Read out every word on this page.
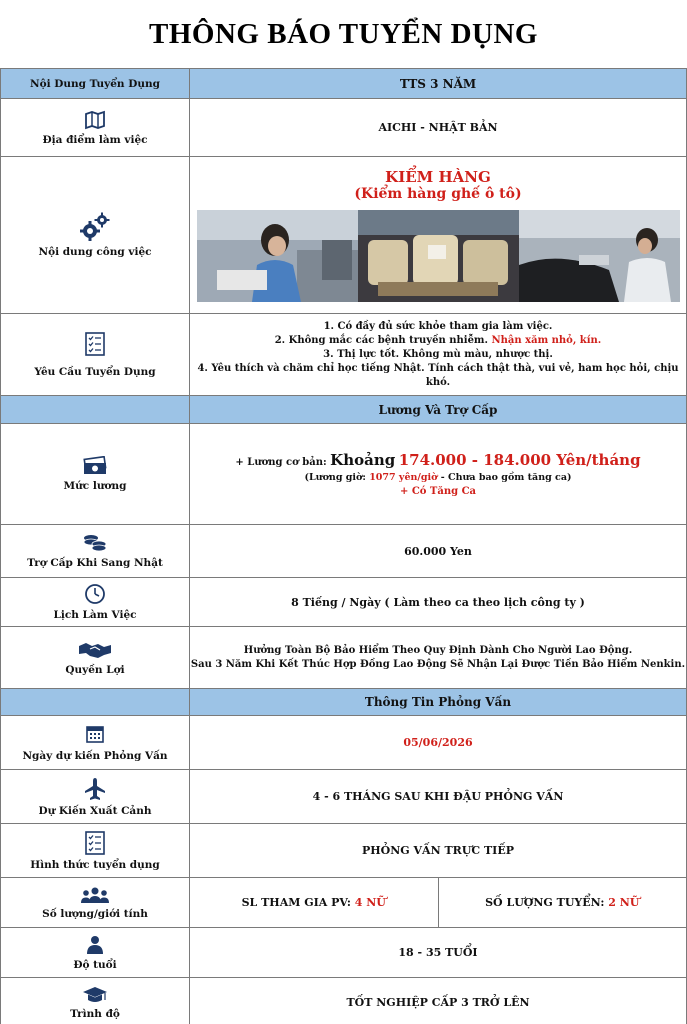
THÔNG BÁO TUYỂN DỤNG
Nội Dung Tuyển Dụng	TTS 3 NĂM	

Địa điểm làm việc	AICHI - NHẬT BẢN	

Nội dung công việc	KIỂM HÀNG
(Kiểm hàng ghế ô tô)	

Yêu Cầu Tuyển Dụng	1. Có đầy đủ sức khỏe tham gia làm việc.
2. Không mắc các bệnh truyền nhiễm. Nhận xăm nhỏ, kín.
3. Thị lực tốt. Không mù màu, nhược thị.
4. Yêu thích và chăm chỉ học tiếng Nhật. Tính cách thật thà, vui vẻ, ham học hỏi, chịu khó.	

	Lương Và Trợ Cấp	

Mức lương	+ Lương cơ bản: Khoảng 174.000 - 184.000 Yên/tháng
(Lương giờ: 1077 yên/giờ - Chưa bao gồm tăng ca)
+ Có Tăng Ca	

Trợ Cấp Khi Sang Nhật	60.000 Yen	

Lịch Làm Việc	8 Tiếng / Ngày ( Làm theo ca theo lịch công ty )	

Quyền Lợi	Hưởng Toàn Bộ Bảo Hiểm Theo Quy Định Dành Cho Người Lao Động.
Sau 3 Năm Khi Kết Thúc Hợp Đồng Lao Động Sẽ Nhận Lại Được Tiền Bảo Hiểm Nenkin.	

	Thông Tin Phỏng Vấn	

Ngày dự kiến Phỏng Vấn	05/06/2026	

Dự Kiến Xuất Cảnh	4 - 6 THÁNG SAU KHI ĐẬU PHỎNG VẤN	

Hình thức tuyển dụng	PHỎNG VẤN TRỰC TIẾP	

Số lượng/giới tính	SL THAM GIA PV: 4 NỮ	SỐ LƯỢNG TUYỂN: 2 NỮ

Độ tuổi	18 - 35 TUỔI	

Trình độ	TỐT NGHIỆP CẤP 3 TRỞ LÊN	
